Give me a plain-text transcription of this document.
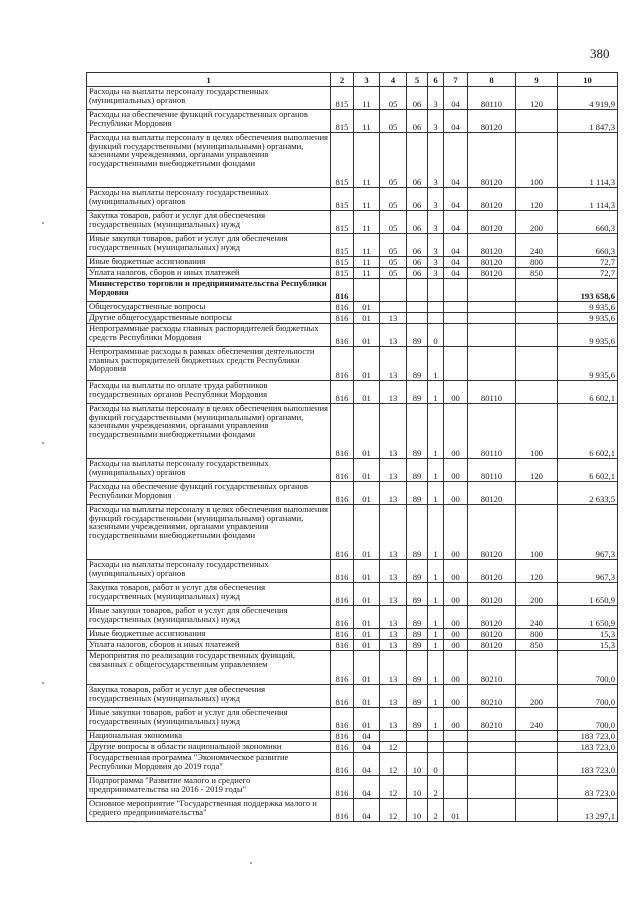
380
1	2	3	4	5	6	7	8	9	10
Расходы на выплаты персоналу государственных (муниципальных) органов	815	11	05	06	3	04	80110	120	4 919,9
Расходы на обеспечение функций государственных органов Республики Мордовия	815	11	05	06	3	04	80120		1 847,3
Расходы на выплаты персоналу в целях обеспечения выполнения функций государственными (муниципальными) органами, казенными учреждениями, органами управления государственными внебюджетными фондами	815	11	05	06	3	04	80120	100	1 114,3
Расходы на выплаты персоналу государственных (муниципальных) органов	815	11	05	06	3	04	80120	120	1 114,3
Закупка товаров, работ и услуг для обеспечения государственных (муниципальных) нужд	815	11	05	06	3	04	80120	200	660,3
Иные закупки товаров, работ и услуг для обеспечения государственных (муниципальных) нужд	815	11	05	06	3	04	80120	240	660,3
Иные бюджетные ассигнования	815	11	05	06	3	04	80120	800	72,7
Уплата налогов, сборов и иных платежей	815	11	05	06	3	04	80120	850	72,7
Министерство торговли и предпринимательства Республики Мордовия	816								193 658,6
Общегосударственные вопросы	816	01							9 935,6
Другие общегосударственные вопросы	816	01	13						9 935,6
Непрограммные расходы главных распорядителей бюджетных средств Республики Мордовия	816	01	13	89	0				9 935,6
Непрограммные расходы в рамках обеспечения деятельности главных распорядителей бюджетных средств Республики Мордовия	816	01	13	89	1				9 935,6
Расходы на выплаты по оплате труда работников государственных органов Республики Мордовия	816	01	13	89	1	00	80110		6 602,1
Расходы на выплаты персоналу в целях обеспечения выполнения функций государственными (муниципальными) органами, казенными учреждениями, органами управления государственными внебюджетными фондами	816	01	13	89	1	00	80110	100	6 602,1
Расходы на выплаты персоналу государственных (муниципальных) органов	816	01	13	89	1	00	80110	120	6 602,1
Расходы на обеспечение функций государственных органов Республики Мордовия	816	01	13	89	1	00	80120		2 633,5
Расходы на выплаты персоналу в целях обеспечения выполнения функций государственными (муниципальными) органами, казенными учреждениями, органами управления государственными внебюджетными фондами	816	01	13	89	1	00	80120	100	967,3
Расходы на выплаты персоналу государственных (муниципальных) органов	816	01	13	89	1	00	80120	120	967,3
Закупка товаров, работ и услуг для обеспечения государственных (муниципальных) нужд	816	01	13	89	1	00	80120	200	1 650,9
Иные закупки товаров, работ и услуг для обеспечения государственных (муниципальных) нужд	816	01	13	89	1	00	80120	240	1 650,9
Иные бюджетные ассигнования	816	01	13	89	1	00	80120	800	15,3
Уплата налогов, сборов и иных платежей	816	01	13	89	1	00	80120	850	15,3
Мероприятия по реализации государственных функций, связанных с общегосударственным управлением	816	01	13	89	1	00	80210		700,0
Закупка товаров, работ и услуг для обеспечения государственных (муниципальных) нужд	816	01	13	89	1	00	80210	200	700,0
Иные закупки товаров, работ и услуг для обеспечения государственных (муниципальных) нужд	816	01	13	89	1	00	80210	240	700,0
Национальная экономика	816	04							183 723,0
Другие вопросы в области национальной экономики	816	04	12						183 723,0
Государственная программа "Экономическое развитие Республики Мордовия до 2019 года"	816	04	12	10	0				183 723,0
Подпрограмма "Развитие малого и среднего предпринимательства на 2016 - 2019 годы"	816	04	12	10	2				83 723,0
Основное мероприятие "Государственная поддержка малого и среднего предпринимательства"	816	04	12	10	2	01			13 297,1
